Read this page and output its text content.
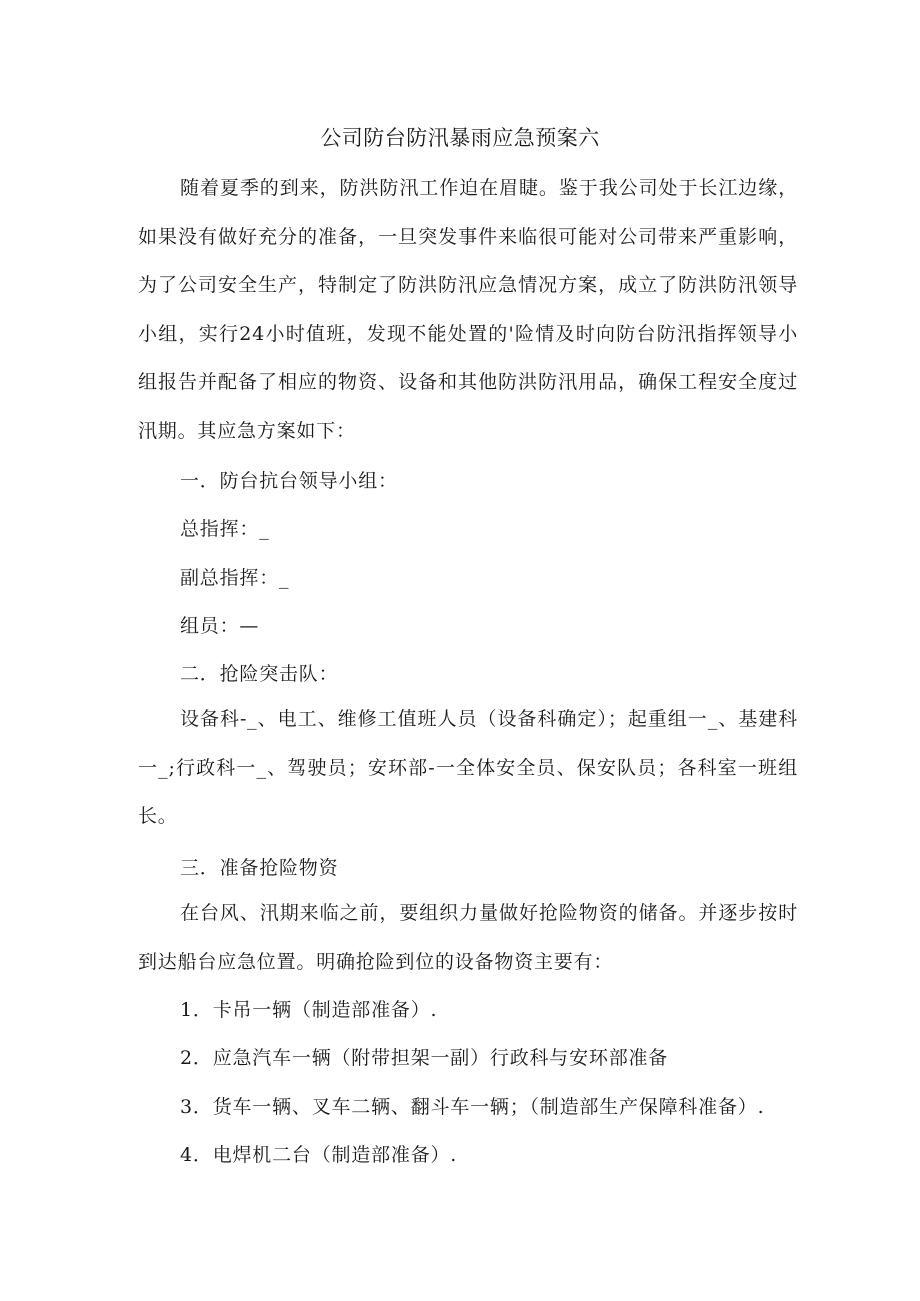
公司防台防汛暴雨应急预案六
随着夏季的到来，防洪防汛工作迫在眉睫。鉴于我公司处于长江边缘，如果没有做好充分的准备，一旦突发事件来临很可能对公司带来严重影响，为了公司安全生产，特制定了防洪防汛应急情况方案，成立了防洪防汛领导小组，实行24小时值班，发现不能处置的'险情及时向防台防汛指挥领导小组报告并配备了相应的物资、设备和其他防洪防汛用品，确保工程安全度过汛期。其应急方案如下：
一．防台抗台领导小组：
总指挥：_
副总指挥：_
组员：—
二．抢险突击队：
设备科-_、电工、维修工值班人员（设备科确定）；起重组一_、基建科一_;行政科一_、驾驶员；安环部-一全体安全员、保安队员；各科室一班组长。
三．准备抢险物资
在台风、汛期来临之前，要组织力量做好抢险物资的储备。并逐步按时到达船台应急位置。明确抢险到位的设备物资主要有：
1．卡吊一辆（制造部准备）.
2．应急汽车一辆（附带担架一副）行政科与安环部准备
3．货车一辆、叉车二辆、翻斗车一辆；（制造部生产保障科准备）.
4．电焊机二台（制造部准备）.
